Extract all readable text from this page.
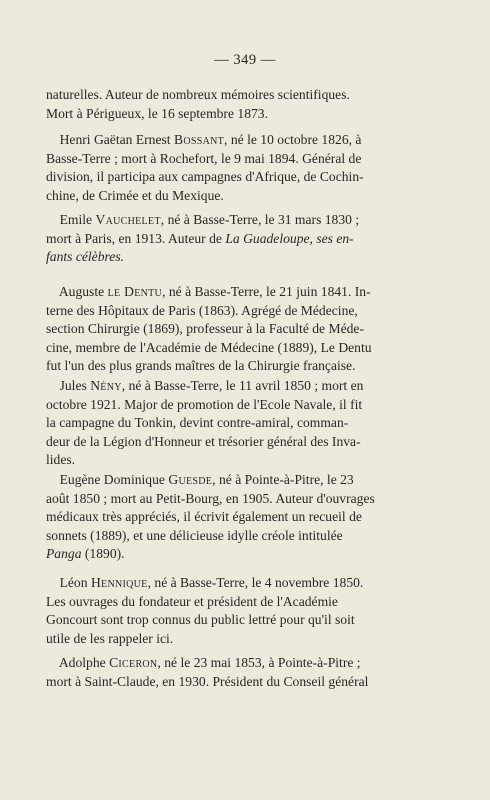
— 349 —

naturelles. Auteur de nombreux mémoires scientifiques.
Mort à Périgueux, le 16 septembre 1873.

Henri Gaëtan Ernest Bossant, né le 10 octobre 1826, à
Basse-Terre ; mort à Rochefort, le 9 mai 1894. Général de
division, il participa aux campagnes d'Afrique, de Cochin-
chine, de Crimée et du Mexique.

Emile Vauchelet, né à Basse-Terre, le 31 mars 1830 ;
mort à Paris, en 1913. Auteur de La Guadeloupe, ses en-
fants célèbres.

Auguste le Dentu, né à Basse-Terre, le 21 juin 1841. In-
terne des Hôpitaux de Paris (1863). Agrégé de Médecine,
section Chirurgie (1869), professeur à la Faculté de Méde-
cine, membre de l'Académie de Médecine (1889), Le Dentu
fut l'un des plus grands maîtres de la Chirurgie française.

Jules Nény, né à Basse-Terre, le 11 avril 1850 ; mort en
octobre 1921. Major de promotion de l'Ecole Navale, il fit
la campagne du Tonkin, devint contre-amiral, comman-
deur de la Légion d'Honneur et trésorier général des Inva-
lides.

Eugène Dominique Guesde, né à Pointe-à-Pitre, le 23
août 1850 ; mort au Petit-Bourg, en 1905. Auteur d'ouvrages
médicaux très appréciés, il écrivit également un recueil de
sonnets (1889), et une délicieuse idylle créole intitulée
Panga (1890).

Léon Hennique, né à Basse-Terre, le 4 novembre 1850.
Les ouvrages du fondateur et président de l'Académie
Goncourt sont trop connus du public lettré pour qu'il soit
utile de les rappeler ici.

Adolphe Ciceron, né le 23 mai 1853, à Pointe-à-Pitre ;
mort à Saint-Claude, en 1930. Président du Conseil général
